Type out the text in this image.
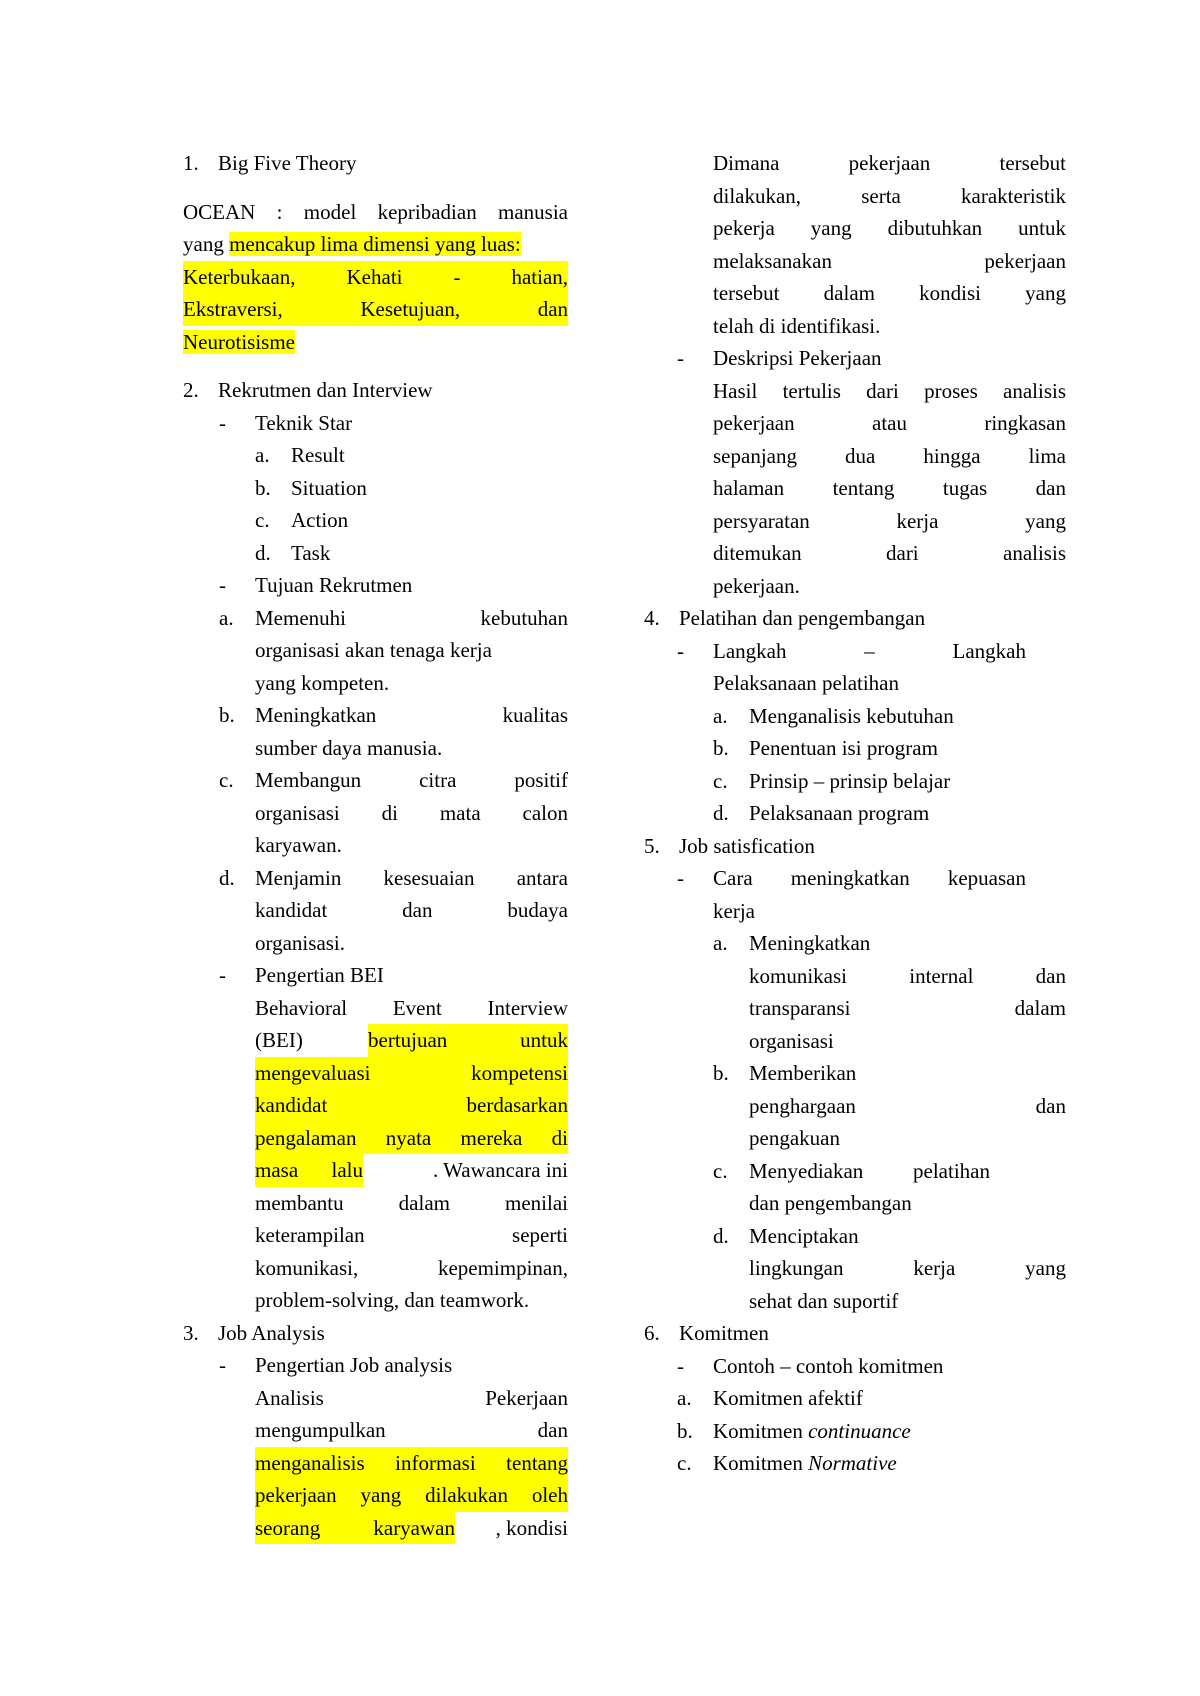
1. Big Five Theory
OCEAN : model kepribadian manusia
yang mencakup lima dimensi yang luas:
Keterbukaan, Kehati - hatian,
Ekstraversi,	Kesetujuan,	dan
Neurotisisme
2. Rekrutmen dan Interview
- Teknik Star
a. Result
b. Situation
c. Action
d. Task
- Tujuan Rekrutmen
a. Memenuhi kebutuhan
organisasi akan tenaga kerja
yang kompeten.
b. Meningkatkan kualitas
sumber daya manusia.
c. Membangun citra positif
organisasi di mata calon
karyawan.
d. Menjamin kesesuaian antara
kandidat dan budaya
organisasi.
- Pengertian BEI
Behavioral Event Interview
(BEI)	bertujuan untuk
mengevaluasi kompetensi
kandidat berdasarkan
pengalaman nyata mereka di
masa lalu	. Wawancara ini
membantu dalam menilai
keterampilan seperti
komunikasi, kepemimpinan,
problem-solving, dan teamwork.
3. Job Analysis
- Pengertian Job analysis
Analisis Pekerjaan
mengumpulkan dan
menganalisis informasi tentang
pekerjaan yang dilakukan oleh
seorang karyawan , kondisi
Dimana pekerjaan tersebut
dilakukan, serta karakteristik
pekerja yang dibutuhkan untuk
melaksanakan pekerjaan
tersebut dalam kondisi yang
telah di identifikasi.
- Deskripsi Pekerjaan
Hasil tertulis dari proses analisis
pekerjaan atau ringkasan
sepanjang dua hingga lima
halaman tentang tugas dan
persyaratan kerja yang
ditemukan dari analisis
pekerjaan.
4. Pelatihan dan pengembangan
- Langkah – Langkah
Pelaksanaan pelatihan
a. Menganalisis kebutuhan
b. Penentuan isi program
c. Prinsip – prinsip belajar
d. Pelaksanaan program
5. Job satisfication
- Cara meningkatkan kepuasan
kerja
a. Meningkatkan
komunikasi internal dan
transparansi dalam
organisasi
b. Memberikan
penghargaan dan
pengakuan
c. Menyediakan pelatihan
dan pengembangan
d. Menciptakan
lingkungan kerja yang
sehat dan suportif
6. Komitmen
- Contoh – contoh komitmen
a. Komitmen afektif
b. Komitmen continuance
c. Komitmen Normative
